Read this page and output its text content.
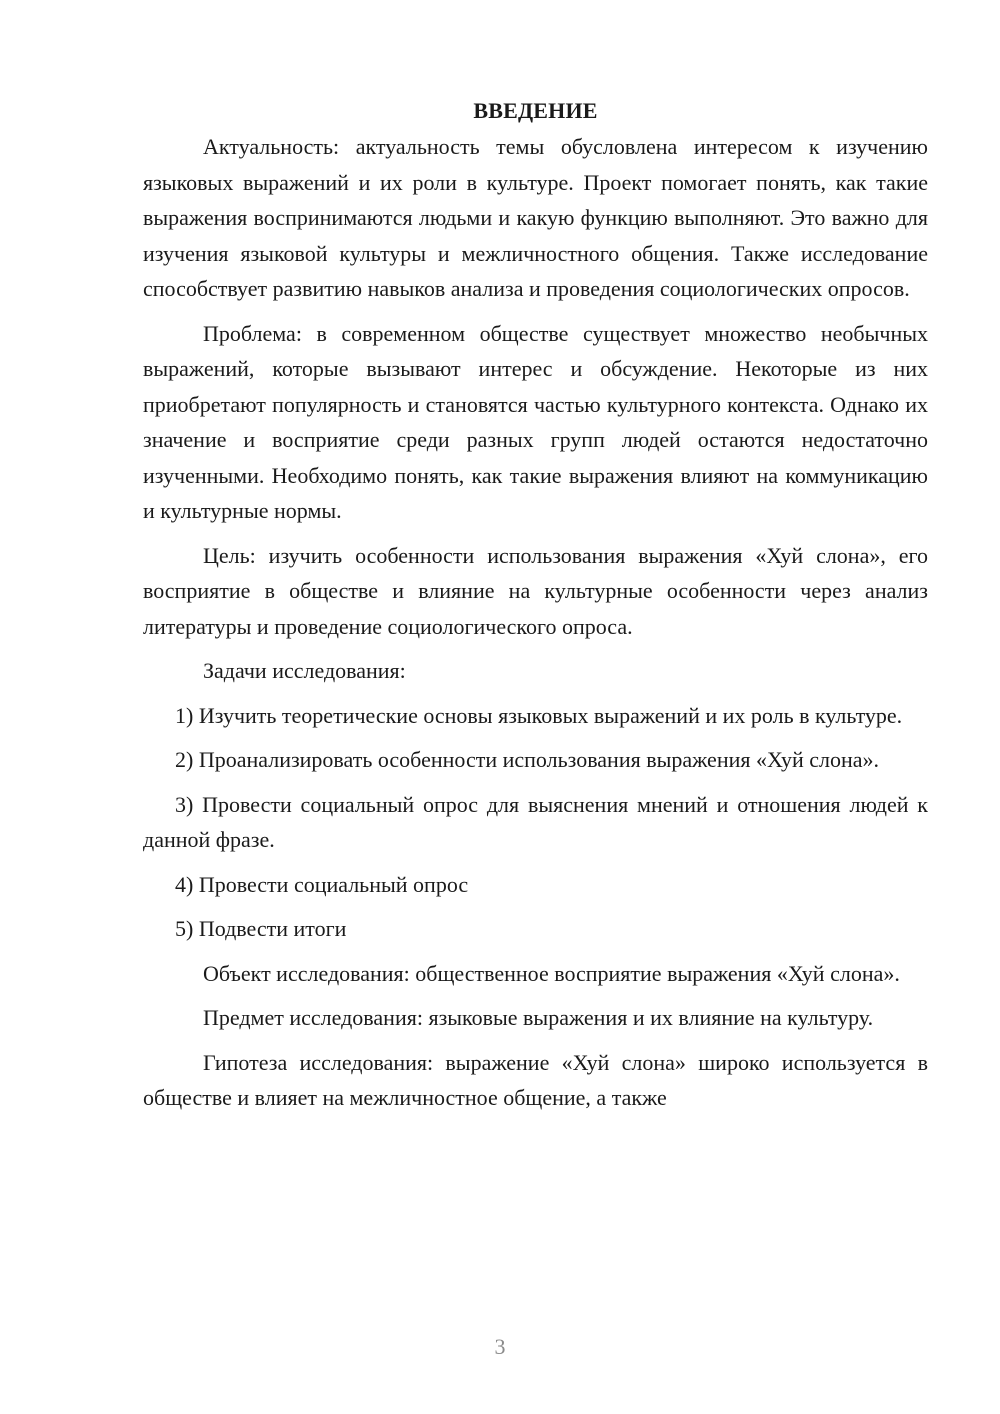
ВВЕДЕНИЕ

Актуальность: актуальность темы обусловлена интересом к изучению языковых выражений и их роли в культуре. Проект помогает понять, как такие выражения воспринимаются людьми и какую функцию выполняют. Это важно для изучения языковой культуры и межличностного общения. Также исследование способствует развитию навыков анализа и проведения социологических опросов.

Проблема: в современном обществе существует множество необычных выражений, которые вызывают интерес и обсуждение. Некоторые из них приобретают популярность и становятся частью культурного контекста. Однако их значение и восприятие среди разных групп людей остаются недостаточно изученными. Необходимо понять, как такие выражения влияют на коммуникацию и культурные нормы.

Цель: изучить особенности использования выражения «Хуй слона», его восприятие в обществе и влияние на культурные особенности через анализ литературы и проведение социологического опроса.

Задачи исследования:

1) Изучить теоретические основы языковых выражений и их роль в культуре.

2) Проанализировать особенности использования выражения «Хуй слона».

3) Провести социальный опрос для выяснения мнений и отношения людей к данной фразе.

4) Провести социальный опрос

5) Подвести итоги

Объект исследования: общественное восприятие выражения «Хуй слона».

Предмет исследования: языковые выражения и их влияние на культуру.

Гипотеза исследования: выражение «Хуй слона» широко используется в обществе и влияет на межличностное общение, а также

3
